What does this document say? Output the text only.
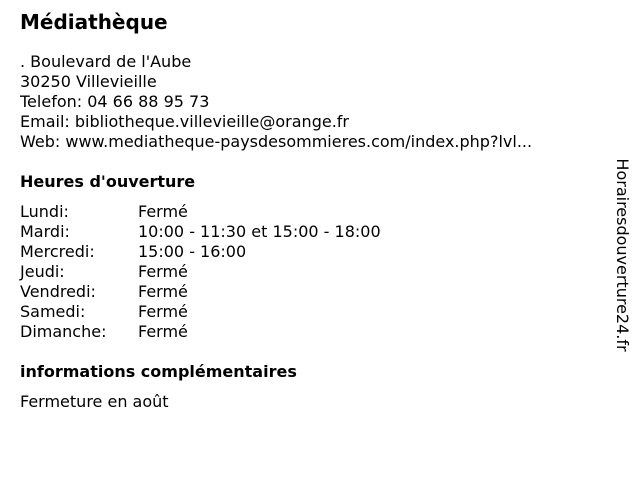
Médiathèque
. Boulevard de l'Aube
30250 Villevieille
Telefon: 04 66 88 95 73
Email: bibliotheque.villevieille@orange.fr
Web: www.mediatheque-paysdesommieres.com/index.php?lvl...
Heures d'ouverture
Lundi:	Fermé
Mardi:	10:00 - 11:30 et 15:00 - 18:00
Mercredi:	15:00 - 16:00
Jeudi:	Fermé
Vendredi:	Fermé
Samedi:	Fermé
Dimanche:	Fermé
informations complémentaires
Fermeture en août
Horairesdouverture24.fr
